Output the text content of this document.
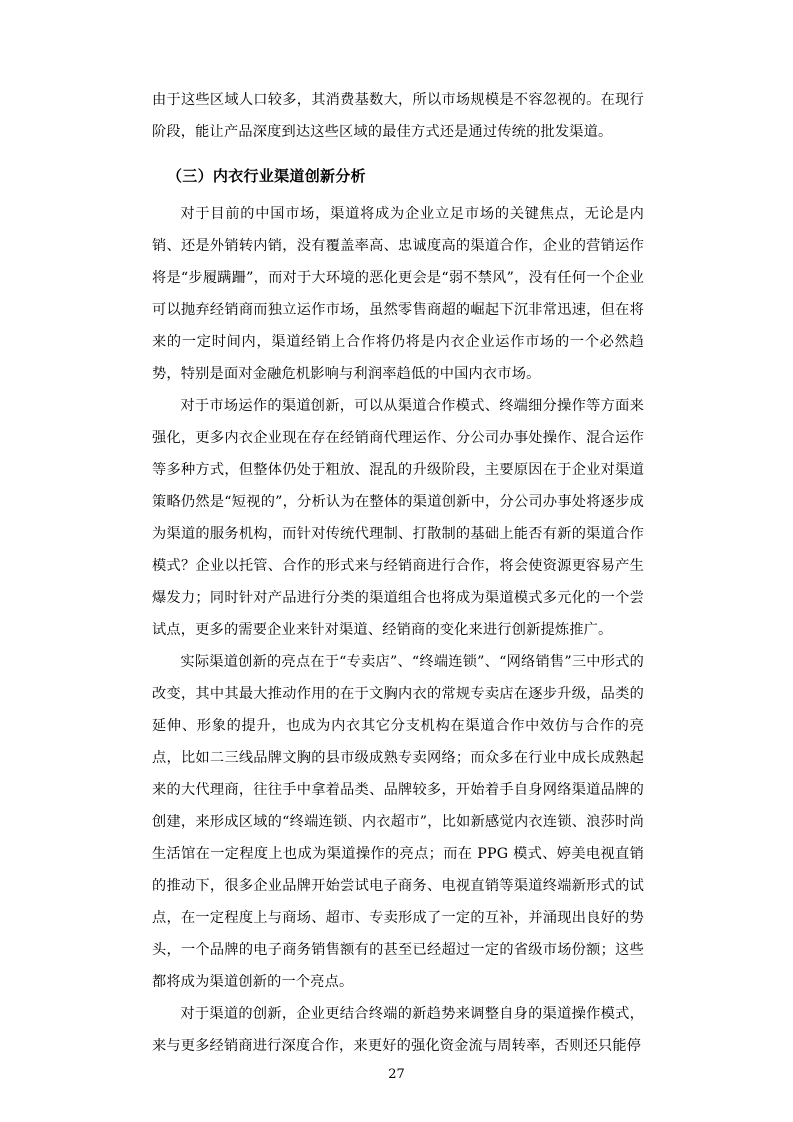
由于这些区域人口较多，其消费基数大，所以市场规模是不容忽视的。在现行阶段，能让产品深度到达这些区域的最佳方式还是通过传统的批发渠道。

（三）内衣行业渠道创新分析

对于目前的中国市场，渠道将成为企业立足市场的关键焦点，无论是内销、还是外销转内销，没有覆盖率高、忠诚度高的渠道合作，企业的营销运作将是“步履蹒跚”，而对于大环境的恶化更会是“弱不禁风”，没有任何一个企业可以抛弃经销商而独立运作市场，虽然零售商超的崛起下沉非常迅速，但在将来的一定时间内，渠道经销上合作将仍将是内衣企业运作市场的一个必然趋势，特别是面对金融危机影响与利润率趋低的中国内衣市场。

对于市场运作的渠道创新，可以从渠道合作模式、终端细分操作等方面来强化，更多内衣企业现在存在经销商代理运作、分公司办事处操作、混合运作等多种方式，但整体仍处于粗放、混乱的升级阶段，主要原因在于企业对渠道策略仍然是“短视的”，分析认为在整体的渠道创新中，分公司办事处将逐步成为渠道的服务机构，而针对传统代理制、打散制的基础上能否有新的渠道合作模式？企业以托管、合作的形式来与经销商进行合作，将会使资源更容易产生爆发力；同时针对产品进行分类的渠道组合也将成为渠道模式多元化的一个尝试点，更多的需要企业来针对渠道、经销商的变化来进行创新提炼推广。

实际渠道创新的亮点在于“专卖店”、“终端连锁”、“网络销售”三中形式的改变，其中其最大推动作用的在于文胸内衣的常规专卖店在逐步升级，品类的延伸、形象的提升，也成为内衣其它分支机构在渠道合作中效仿与合作的亮点，比如二三线品牌文胸的县市级成熟专卖网络；而众多在行业中成长成熟起来的大代理商，往往手中拿着品类、品牌较多，开始着手自身网络渠道品牌的创建，来形成区域的“终端连锁、内衣超市”，比如新感觉内衣连锁、浪莎时尚生活馆在一定程度上也成为渠道操作的亮点；而在 PPG 模式、婷美电视直销的推动下，很多企业品牌开始尝试电子商务、电视直销等渠道终端新形式的试点，在一定程度上与商场、超市、专卖形成了一定的互补，并涌现出良好的势头，一个品牌的电子商务销售额有的甚至已经超过一定的省级市场份额；这些都将成为渠道创新的一个亮点。

对于渠道的创新，企业更结合终端的新趋势来调整自身的渠道操作模式，来与更多经销商进行深度合作，来更好的强化资金流与周转率，否则还只能停

27
